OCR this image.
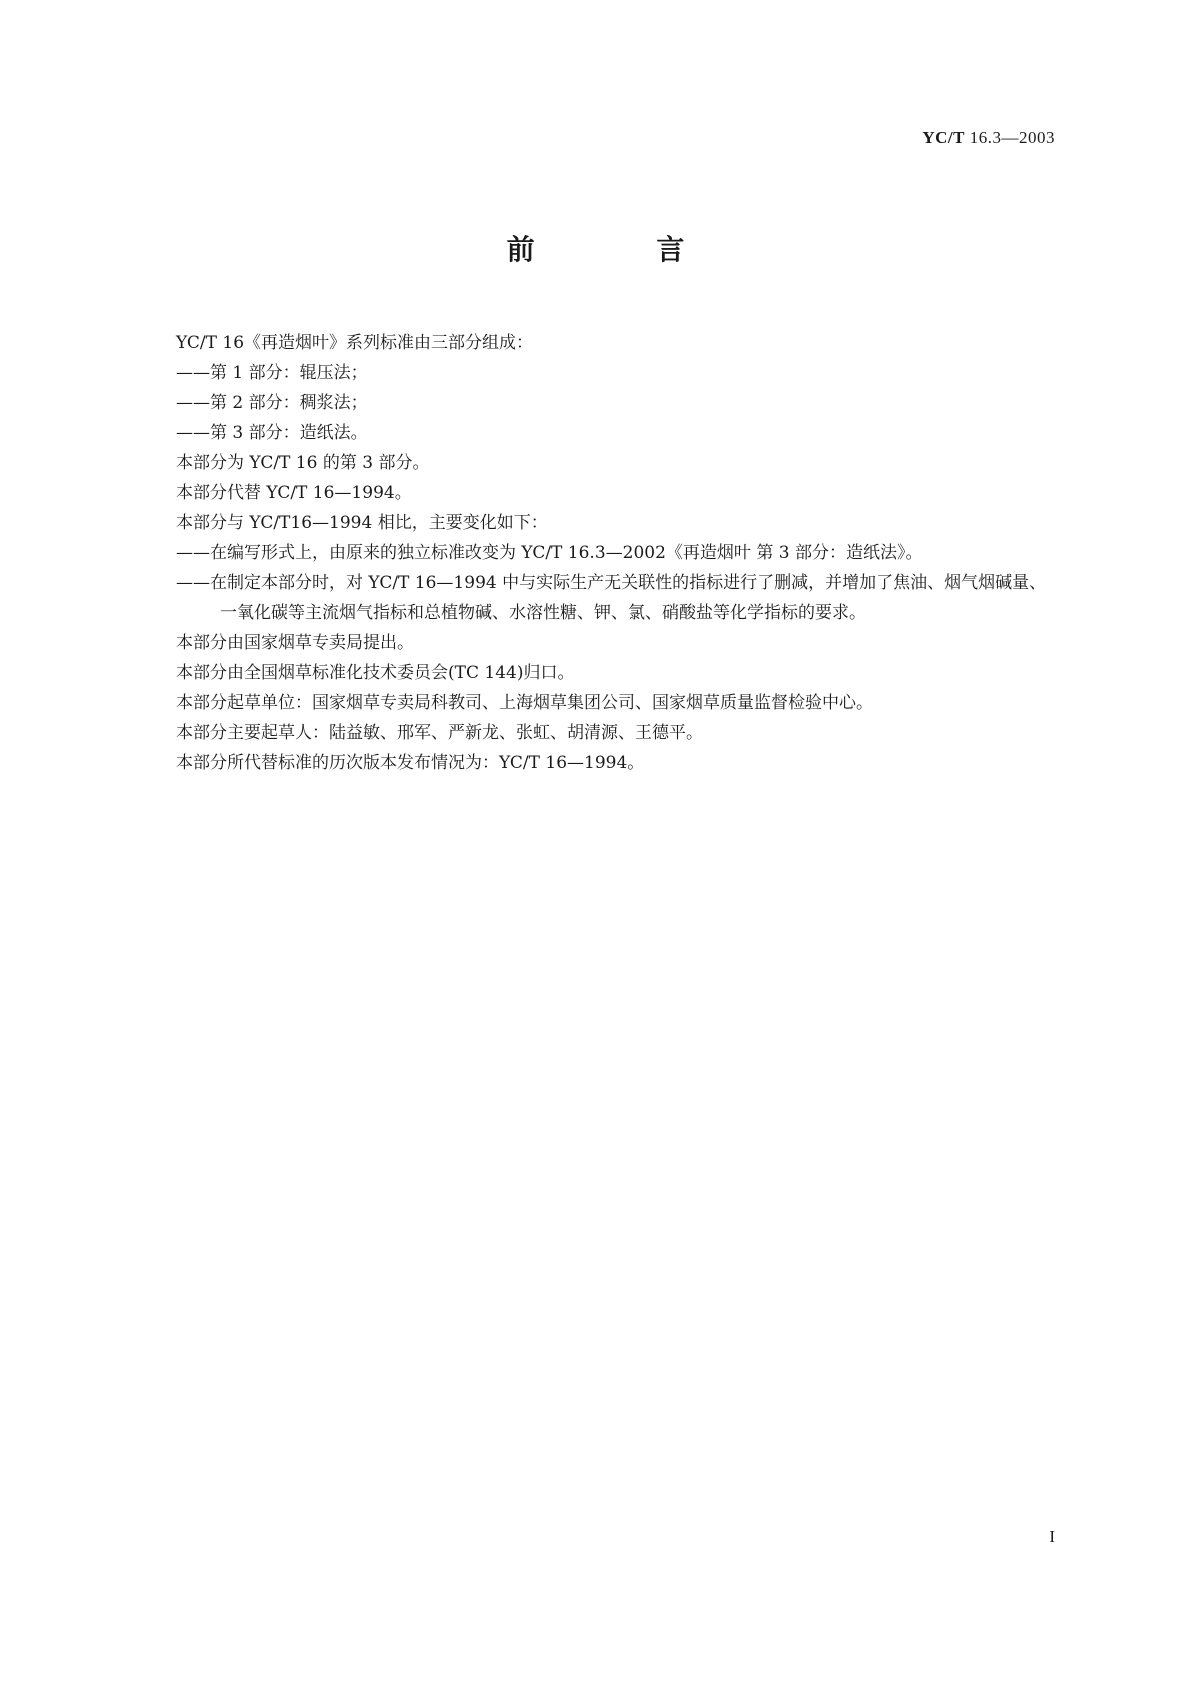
YC/T 16.3—2003
前 言

YC/T 16《再造烟叶》系列标准由三部分组成：

——第 1 部分：辊压法；

——第 2 部分：稠浆法；

——第 3 部分：造纸法。

本部分为 YC/T 16 的第 3 部分。

本部分代替 YC/T 16—1994。

本部分与 YC/T16—1994 相比，主要变化如下：

——在编写形式上，由原来的独立标准改变为 YC/T 16.3—2002《再造烟叶 第 3 部分：造纸法》。

——在制定本部分时，对 YC/T 16—1994 中与实际生产无关联性的指标进行了删减，并增加了焦油、烟气烟碱量、一氧化碳等主流烟气指标和总植物碱、水溶性糖、钾、氯、硝酸盐等化学指标的要求。

本部分由国家烟草专卖局提出。

本部分由全国烟草标准化技术委员会(TC 144)归口。

本部分起草单位：国家烟草专卖局科教司、上海烟草集团公司、国家烟草质量监督检验中心。

本部分主要起草人：陆益敏、邢军、严新龙、张虹、胡清源、王德平。

本部分所代替标准的历次版本发布情况为：YC/T 16—1994。

I
